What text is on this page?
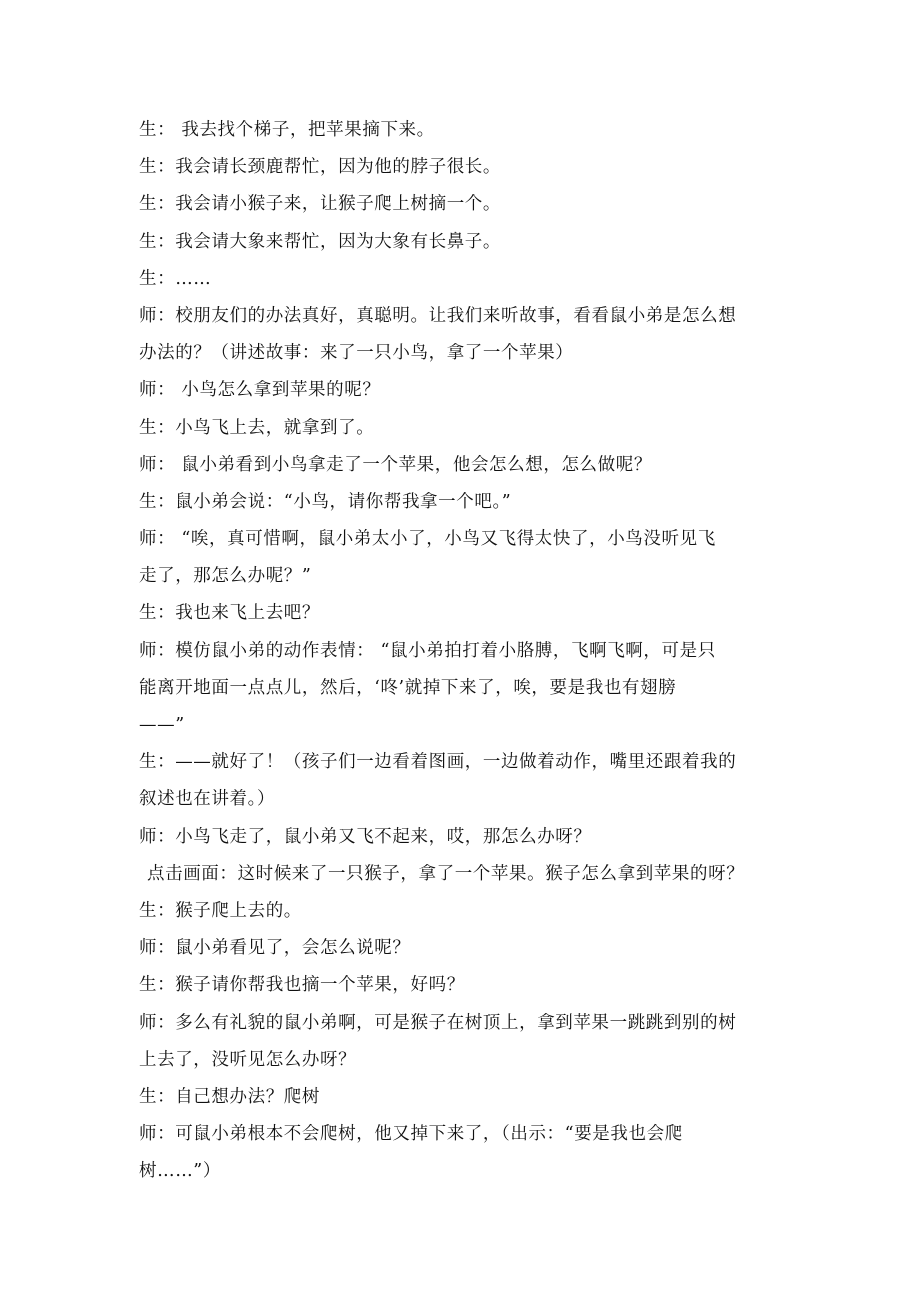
生： 我去找个梯子，把苹果摘下来。
生：我会请长颈鹿帮忙，因为他的脖子很长。
生：我会请小猴子来，让猴子爬上树摘一个。
生：我会请大象来帮忙，因为大象有长鼻子。
生：……
师：校朋友们的办法真好，真聪明。让我们来听故事，看看鼠小弟是怎么想
办法的？（讲述故事：来了一只小鸟，拿了一个苹果）
师： 小鸟怎么拿到苹果的呢？
生：小鸟飞上去，就拿到了。
师： 鼠小弟看到小鸟拿走了一个苹果，他会怎么想，怎么做呢？
生：鼠小弟会说：“小鸟，请你帮我拿一个吧。”
师： “唉，真可惜啊，鼠小弟太小了，小鸟又飞得太快了，小鸟没听见飞
走了，那怎么办呢？”
生：我也来飞上去吧？
师：模仿鼠小弟的动作表情： “鼠小弟拍打着小胳膊，飞啊飞啊，可是只
能离开地面一点点儿，然后，‘咚’就掉下来了，唉，要是我也有翅膀
——”
生：——就好了！（孩子们一边看着图画，一边做着动作，嘴里还跟着我的
叙述也在讲着。）
师：小鸟飞走了，鼠小弟又飞不起来，哎，那怎么办呀？
点击画面：这时候来了一只猴子，拿了一个苹果。猴子怎么拿到苹果的呀？
生：猴子爬上去的。
师：鼠小弟看见了，会怎么说呢？
生：猴子请你帮我也摘一个苹果，好吗？
师：多么有礼貌的鼠小弟啊，可是猴子在树顶上，拿到苹果一跳跳到别的树
上去了，没听见怎么办呀？
生：自己想办法？爬树
师：可鼠小弟根本不会爬树，他又掉下来了，（出示：“要是我也会爬
树……”）
